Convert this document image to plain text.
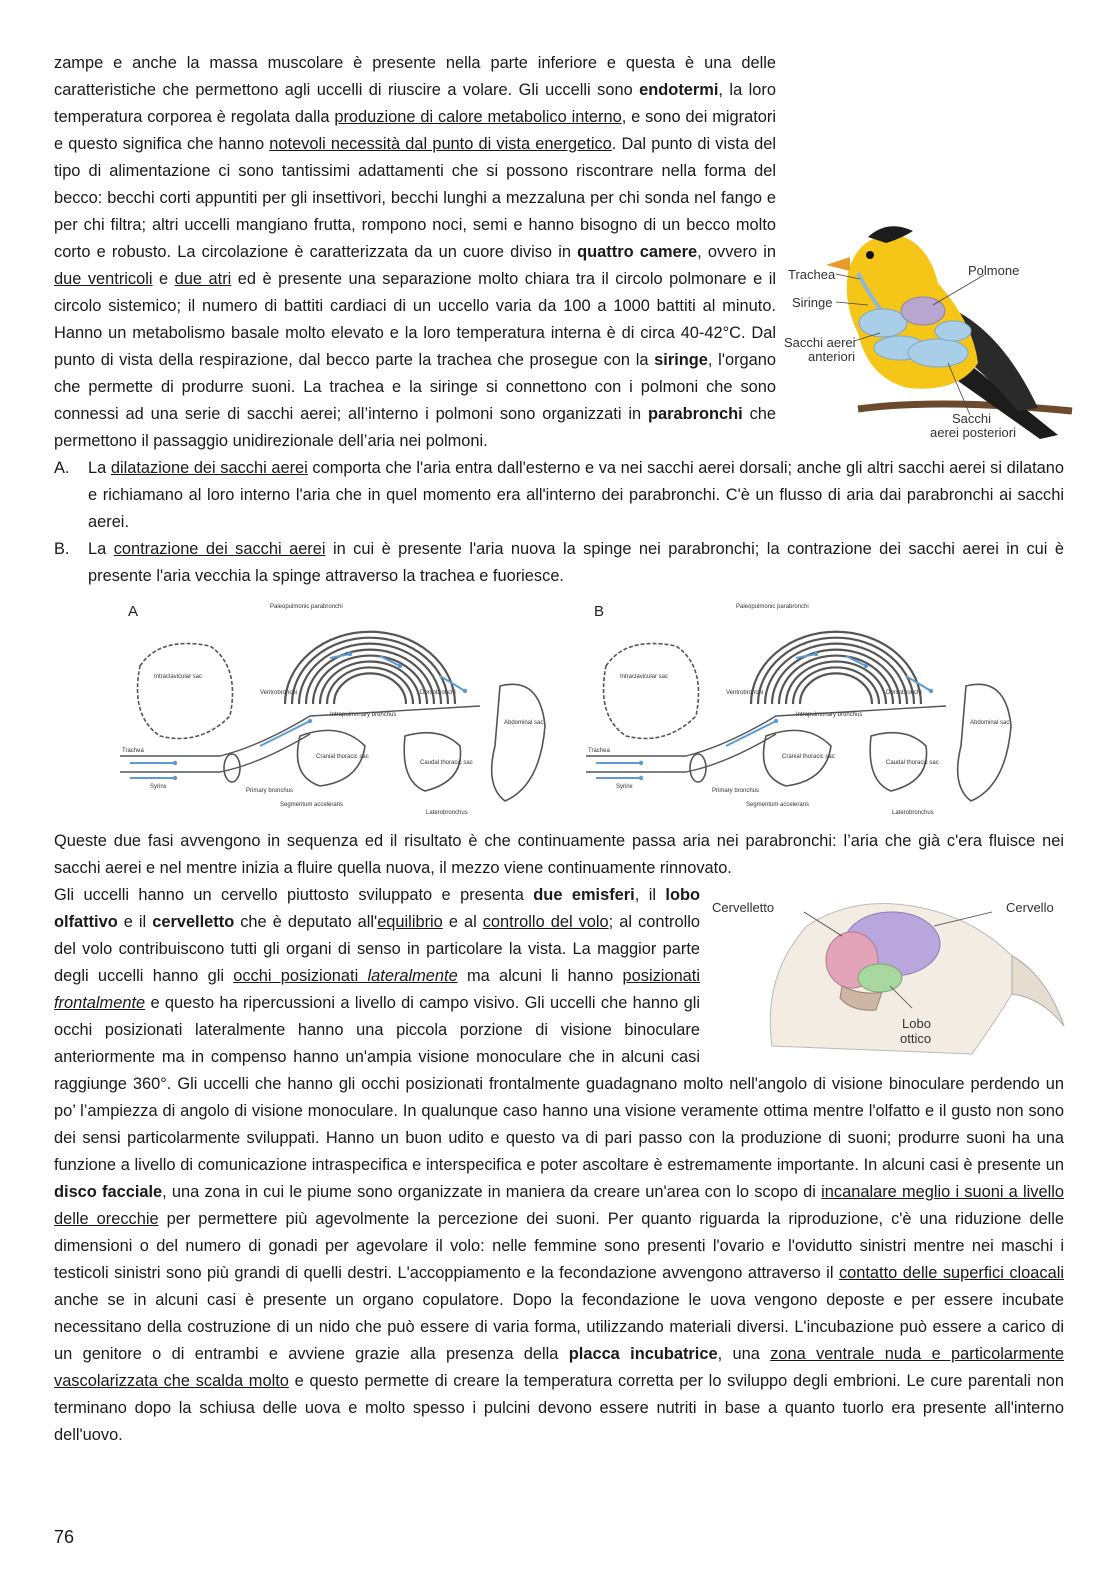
Trachea
Siringe
Sacchi aerei
anteriori
Polmone
Sacchi
aerei posteriori

zampe e anche la massa muscolare è presente nella parte inferiore e questa è una delle caratteristiche che permettono agli uccelli di riuscire a volare. Gli uccelli sono endotermi, la loro temperatura corporea è regolata dalla produzione di calore metabolico interno, e sono dei migratori e questo significa che hanno notevoli necessità dal punto di vista energetico. Dal punto di vista del tipo di alimentazione ci sono tantissimi adattamenti che si possono riscontrare nella forma del becco: becchi corti appuntiti per gli insettivori, becchi lunghi a mezzaluna per chi sonda nel fango e per chi filtra; altri uccelli mangiano frutta, rompono noci, semi e hanno bisogno di un becco molto corto e robusto. La circolazione è caratterizzata da un cuore diviso in quattro camere, ovvero in due ventricoli e due atri ed è presente una separazione molto chiara tra il circolo polmonare e il circolo sistemico; il numero di battiti cardiaci di un uccello varia da 100 a 1000 battiti al minuto. Hanno un metabolismo basale molto elevato e la loro temperatura interna è di circa 40-42°C. Dal punto di vista della respirazione, dal becco parte la trachea che prosegue con la siringe, l'organo che permette di produrre suoni. La trachea e la siringe si connettono con i polmoni che sono connessi ad una serie di sacchi aerei; all’interno i polmoni sono organizzati in parabronchi che permettono il passaggio unidirezionale dell’aria nei polmoni.

A. La dilatazione dei sacchi aerei comporta che l'aria entra dall'esterno e va nei sacchi aerei dorsali; anche gli altri sacchi aerei si dilatano e richiamano al loro interno l'aria che in quel momento era all'interno dei parabronchi. C'è un flusso di aria dai parabronchi ai sacchi aerei.
B. La contrazione dei sacchi aerei in cui è presente l'aria nuova la spinge nei parabronchi; la contrazione dei sacchi aerei in cui è presente l'aria vecchia la spinge attraverso la trachea e fuoriesce.
A	Paleopulmonic parabronchi
Intraclavicular sac
Ventrobronchi	Dorsobronchi
Intrapulmonary bronchus
Abdominal sac
Trachea
Syrinx
Primary bronchus
Cranial thoracic sac
Caudal thoracic sac
Segmentum accelerans
Laterobronchus
B	Paleopulmonic parabronchi
Intraclavicular sac
Ventrobronchi	Dorsobronchi
Intrapulmonary bronchus
Abdominal sac
Trachea
Syrinx
Primary bronchus
Cranial thoracic sac
Caudal thoracic sac
Segmentum accelerans
Laterobronchus

Queste due fasi avvengono in sequenza ed il risultato è che continuamente passa aria nei parabronchi: l’aria che già c'era fluisce nei sacchi aerei e nel mentre inizia a fluire quella nuova, il mezzo viene continuamente rinnovato.

Cervelletto	Cervello
Lobo
ottico

Gli uccelli hanno un cervello piuttosto sviluppato e presenta due emisferi, il lobo olfattivo e il cervelletto che è deputato all'equilibrio e al controllo del volo; al controllo del volo contribuiscono tutti gli organi di senso in particolare la vista. La maggior parte degli uccelli hanno gli occhi posizionati lateralmente ma alcuni li hanno posizionati frontalmente e questo ha ripercussioni a livello di campo visivo. Gli uccelli che hanno gli occhi posizionati lateralmente hanno una piccola porzione di visione binoculare anteriormente ma in compenso hanno un'ampia visione monoculare che in alcuni casi raggiunge 360°. Gli uccelli che hanno gli occhi posizionati frontalmente guadagnano molto nell'angolo di visione binoculare perdendo un po’ l’ampiezza di angolo di visione monoculare. In qualunque caso hanno una visione veramente ottima mentre l'olfatto e il gusto non sono dei sensi particolarmente sviluppati. Hanno un buon udito e questo va di pari passo con la produzione di suoni; produrre suoni ha una funzione a livello di comunicazione intraspecifica e interspecifica e poter ascoltare è estremamente importante. In alcuni casi è presente un disco facciale, una zona in cui le piume sono organizzate in maniera da creare un'area con lo scopo di incanalare meglio i suoni a livello delle orecchie per permettere più agevolmente la percezione dei suoni. Per quanto riguarda la riproduzione, c'è una riduzione delle dimensioni o del numero di gonadi per agevolare il volo: nelle femmine sono presenti l'ovario e l'ovidutto sinistri mentre nei maschi i testicoli sinistri sono più grandi di quelli destri. L'accoppiamento e la fecondazione avvengono attraverso il contatto delle superfici cloacali anche se in alcuni casi è presente un organo copulatore. Dopo la fecondazione le uova vengono deposte e per essere incubate necessitano della costruzione di un nido che può essere di varia forma, utilizzando materiali diversi. L'incubazione può essere a carico di un genitore o di entrambi e avviene grazie alla presenza della placca incubatrice, una zona ventrale nuda e particolarmente vascolarizzata che scalda molto e questo permette di creare la temperatura corretta per lo sviluppo degli embrioni. Le cure parentali non terminano dopo la schiusa delle uova e molto spesso i pulcini devono essere nutriti in base a quanto tuorlo era presente all'interno dell'uovo.

76
